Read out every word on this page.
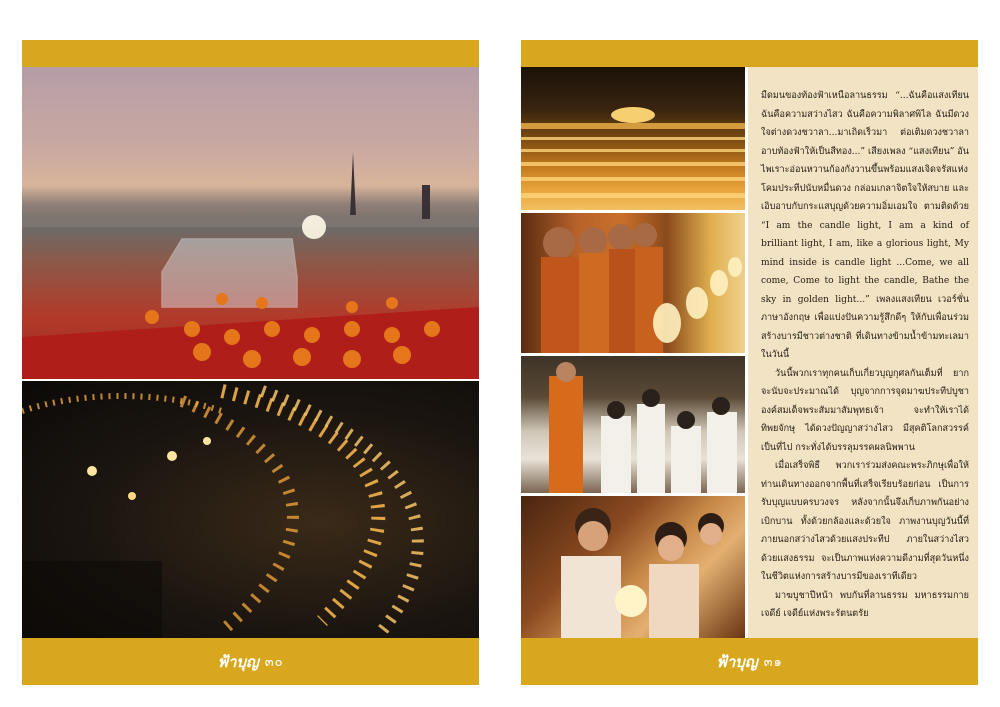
ฟ้าบุญ ๓๐

มืดมนของท้องฟ้าเหนือลานธรรม “...ฉันคือแสงเทียน ฉันคือความสว่างไสว ฉันคือความพิลาศพิไล ฉันมีดวงใจต่างดวงชวาลา...มาเถิดเร็วมา ต่อเติมดวงชวาลา อาบท้องฟ้าให้เป็นสีทอง...” เสียงเพลง “แสงเทียน” อันไพเราะอ่อนหวานก้องกังวานขึ้นพร้อมแสงเจิดจรัสแห่งโคมประทีปนับหมื่นดวง กล่อมเกลาจิตใจให้สบาย และเอิบอาบกับกระแสบุญด้วยความอิ่มเอมใจ ตามติดด้วย “I am the candle light, I am a kind of brilliant light, I am, like a glorious light, My mind inside is candle light ...Come, we all come, Come to light the candle, Bathe the sky in golden light...” เพลงแสงเทียน เวอร์ชั่นภาษาอังกฤษ เพื่อแบ่งปันความรู้สึกดีๆ ให้กับเพื่อนร่วมสร้างบารมีชาวต่างชาติ ที่เดินทางข้ามน้ำข้ามทะเลมาในวันนี้

วันนี้พวกเราทุกคนเก็บเกี่ยวบุญกุศลกันเต็มที่ ยากจะนับจะประมาณได้ บุญจากการจุดมาฆประทีปบูชาองค์สมเด็จพระสัมมาสัมพุทธเจ้า จะทำให้เราได้ทิพยจักษุ ได้ดวงปัญญาสว่างไสว มีสุคติโลกสวรรค์เป็นที่ไป กระทั่งได้บรรลุมรรคผลนิพพาน

เมื่อเสร็จพิธี พวกเราร่วมส่งคณะพระภิกษุเพื่อให้ท่านเดินทางออกจากพื้นที่เสร็จเรียบร้อยก่อน เป็นการรับบุญแบบครบวงจร หลังจากนั้นจึงเก็บภาพกันอย่างเบิกบาน ทั้งด้วยกล้องและด้วยใจ ภาพงานบุญวันนี้ที่ภายนอกสว่างไสวด้วยแสงประทีป ภายในสว่างไสวด้วยแสงธรรม จะเป็นภาพแห่งความดีงามที่สุดวันหนึ่งในชีวิตแห่งการสร้างบารมีของเราทีเดียว

มาฆบูชาปีหน้า พบกันที่ลานธรรม มหาธรรมกายเจดีย์ เจดีย์แห่งพระรัตนตรัย

ฟ้าบุญ ๓๑
